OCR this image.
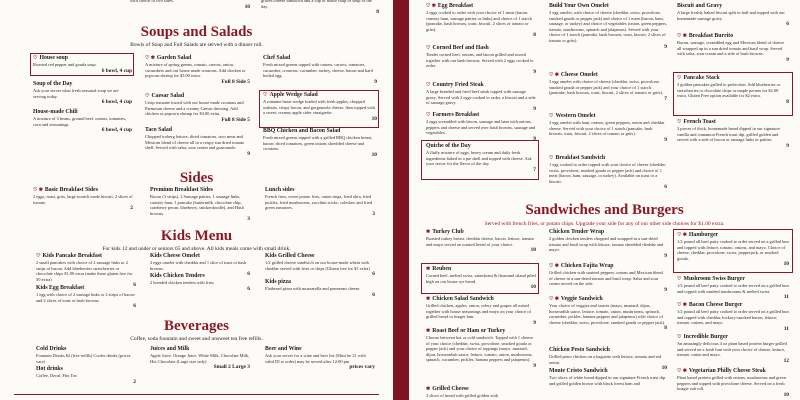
with choice of two sides.
10
grilled cheese sandwich and a cup of house soup or soup of the day.
8
Soups and Salads
Bowls of Soup and Full Salads are served with a dinner roll.
♡ House soup
Roasted red pepper and gouda soup.
6 bowl, 4 cup
Soup of the Day
Ask your server what fresh seasonal soup we are serving today.
6 bowl, 4 cup
House-made Chili
A mixture of 3 beans, ground beef, onions, tomatoes, corn and seasonings.
6 bowl, 4 cup
♡ ✱ Garden Salad
A mixture of spring greens, tomato, carrots, onion, cucumbers and our house made croutons. Add chicken or popcorn shrimp for $3.00 extra.
Full 8 Side 5
♡ Caesar Salad
Crisp romaine tossed with our house made croutons and Parmesan cheese and a creamy Caesar dressing. Add chicken or popcorn shrimp for $3.00 extra.
Full 8 Side 5
Taco Salad
Chopped iceberg lettuce, diced tomatoes, taco meat and Mexican blend of cheese all in a crispy sun dried tomato shell. Served with salsa, sour cream and guacamole.
9
Chef Salad
Fresh mixed greens topped with onions, carrots, tomatoes, cucumber, croutons, cucumber, turkey, cheese, bacon and hard boiled egg.
9
♡ Apple Wedge Salad
A romaine heart wedge loaded with fresh apples, chopped walnuts, crispy bacon, and gorgonzola cheese, then topped with a sweet, creamy apple cider vinaigrette.
10
BBQ Chicken and Bacon Salad
Fresh mixed greens topped with a grilled BBQ chicken breast, bacon, diced tomatoes, green onions shredded cheese and croutons.
10
Sides
♡ ✱ Basic Breakfast Sides
2 eggs, toast, grits, large scratch made biscuit, 2 slices of tomato.
2
Premium Breakfast Sides
Bacon (3 strips), 2 Sausage patties, 1 sausage links, country ham, 1 pancake (buttermilk, chocolate chip, cranberry pecan, blueberry, snickerdoodle), and Hash browns.
3
Lunch sides
French fries, sweet potato fries, onion rings, fried okra, fried pickles, fried mushrooms, zucchini sticks, coleslaw and fried green tomatoes.
3
Kids Menu
For kids 12 and under or seniors 65 and above. All kids meals come with small drink.
♡ Kids Pancake Breakfast
2 small pancakes with choice of 2 sausage links or 2 strips of bacon. Add blueberries strawberries or chocolate chips $1.00 extra (make these gluten free for 50 extra)
6
Kids Egg Breakfast
1 egg with choice of 2 sausage links or 2 strips of bacon and 2 slices of toast or hash browns.
6
Kids Cheese Omelet
2 eggs omelet with cheddar and 1 slice of toast or hash browns.
6
Kids Chicken Tenders
2 breaded chicken tenders with fries.
6
Kids Grilled Cheese
1/2 grilled cheese sandwich on our house-made wheat with cheddar served with fries or chips (Gluten free for $1 extra)
6
Kids pizza
Flatbread pizza with mozzarella and parmesan cheese.
6
Beverages
Coffee, soda fountain and sweet and unsweet tea free refills.
Cold Drinks
Fountain Drinks $2 (free refills) Cooler drinks (prices vary)
Hot drinks
Coffee, Decaf, Hot Tea
2
Juices and Milk
Apple Juice, Orange Juice, White Milk, Chocolate Milk, Hot Chocolate (Large size only)
Small 2 Large 3
Beer and Wine
Ask your server for a wine and beer list (Must be 21 with valid ID to order) may be served after 12:00 pm
prices vary
♡ ✱ Egg Breakfast
2 eggs cooked to order with your choice of 1 meat (bacon, country ham, sausage patties or links) and choice of 1 starch (pancake, hash browns, toast, biscuit, 2 slices of tomato or grits).
8
♡ Corned Beef and Hash
Tender corned beef, onions, and bacon grilled and tossed together with our hash browns. Served with 2 eggs cooked to order.
9
♡ Country Fried Steak
A large breaded and fried beef steak topped with sausage gravy. Served with 2 eggs cooked to order, a biscuit and a side of sausage gravy.
9
♡ Farmers Breakfast
2 eggs scrambled with bacon, sausage and ham with onions, peppers and cheese and served over hash browns, sausage and vegetables.
9
Quiche of the Day
A fluffy mixture of eggs, heavy cream and daily fresh ingredients baked in a pie shell and topped with cheese. Ask your server for the flavor of the day.
7
Build Your Own Omelet
3 egg omelet, with choice of cheese (cheddar, swiss, provolone, smoked gouda or pepper jack) and choice of 1 meat (bacon, ham, sausage, or turkey) and choice of vegetables (onion, green peppers, tomato, mushrooms, spinach and jalapenos). Served with your choice of 1 starch (pancake, hash browns, toast, biscuit, 2 slices of tomato or grits).
9
♡ ✱ Cheese Omelet
3 egg omelet with choice of cheese (cheddar, swiss, provolone, smoked gouda or pepper jack) and your choice of 1 starch (pancake, hash browns, toast, biscuit, 2 slices of tomato or grits).
7
♡ Western Omelet
3 egg omelet with ham, onions, green peppers, onion and cheddar cheese. Served with your choice of 1 starch (pancake, hash browns, toast, biscuit, 2 slices of tomato or grits).
9
♡ Breakfast Sandwich
1 egg cooked to order topped with your choice of cheese (cheddar, swiss, provolone, smoked gouda or pepper jack) and choice of 1 meat (bacon, ham, sausage, or turkey). Available on toast or a biscuit.
6
Biscuit and Gravy
A large freshly baked biscuit split in half and topped with our homemade sausage gravy.
6
♡ ✱ Breakfast Burrito
Bacon, sausage, scrambled egg and Mexican blend of cheese all wrapped up in a sun dried tomato and basil wrap. Served with salsa, sour cream and a side of hash browns.
9
♡ Pancake Stack
3 golden pancakes grilled to perfection. Add blueberries or strawberries or chocolate chips or maple pecans for $2.00 extra. Gluten Free option available for $2 extra.
8
♡ French Toast
3 pieces of thick, homemade bread dipped in our signature vanilla and cinnamon French toast dip, grilled golden and served with a side of bacon or sausage links or patties.
9
Sandwiches and Burgers
Served with french fries, or potato chips. Upgrade your side for any of our other side choices for $1.00 extra.
✱ Turkey Club
Roasted turkey breast, cheddar cheese, bacon, lettuce, tomato and mayo served on toasted bread of your choice.
10
✱ Reuben
Corned beef, melted swiss, sauerkraut & thousand island piled high on our house rye bread.
10
✱ Chicken Salad Sandwich
Grilled chicken, apples, onion, celery and grapes all mixed together with house seasonings and mayo on your choice of grilled bread or burger bun.
9
✱ Roast Beef or Ham or Turkey
Choose between hot or cold sandwich. Topped with 1 cheese of your choice (cheddar, swiss, provolone, smoked gouda or pepper jack) and your choice of toppings (mayo, mustard, dijon, horseradish sauce, lettuce, tomato, onion, mushrooms, spinach, cucumber, pickles, banana peppers and jalapenos).
9
✱ Grilled Cheese
3 slices of bread with grilled golden with
Chicken Tender Wrap
2 golden chicken tenders chopped and wrapped in a sun-dried tomato and basil wrap with lettuce, tomato shredded cheddar and mayo.
9
♡ ✱ Chicken Fajita Wrap
Grilled chicken with sauteed peppers, onions and Mexican blend of cheese in a sun-dried tomato and basil wrap. Salsa and sour cream served on the side.
9
♡ ✱ Veggie Sandwich
Your choice of veggies and sauces (mayo, mustard, dijon, horseradish sauce, lettuce, tomato, onion, mushrooms, spinach, cucumber, pickles, banana peppers and jalapenos) with choice of cheese (cheddar, swiss, provolone, smoked gouda or pepper jack).
8
Chicken Pesto Sandwich
Grilled pesto chicken on a baguette with lettuce, tomato and red onion.
10
Monte Cristo Sandwich
Two slices of white bread dipped in our signature French toast dip and grilled golden brown with black forest ham and
♡ ✱ Hamburger
1/2 pound all beef patty cooked to order served on a grilled bun and topped with lettuce, tomato, onions, and mayo. Choice of cheese, cheddar, provolone, swiss, pepperjack, or smoked gouda.
10
♡ Mushroom Swiss Burger
1/2 pound all beef patty cooked to order served on a grilled bun and topped with sautéed mushrooms & melted swiss.
11
♡ ✱ Bacon Cheese Burger
1/2 pound all beef patty cooked to order served on a grilled bun and topped with cheddar, hickory-smoked bacon, lettuce, tomato, onions, and mayo.
11
♡ Incredible Burger
An amazingly delicious 4 oz plant based protein burger grilled and served on a fresh bun with your choice of cheese, lettuce, tomato, onion and mayo.
12
♡ ✱ Vegetarian Philly Cheese Steak
Plant based protein grilled with onions, mushrooms and green peppers and topped with provolone cheese. Served on a fresh hoagie sub roll.
10
